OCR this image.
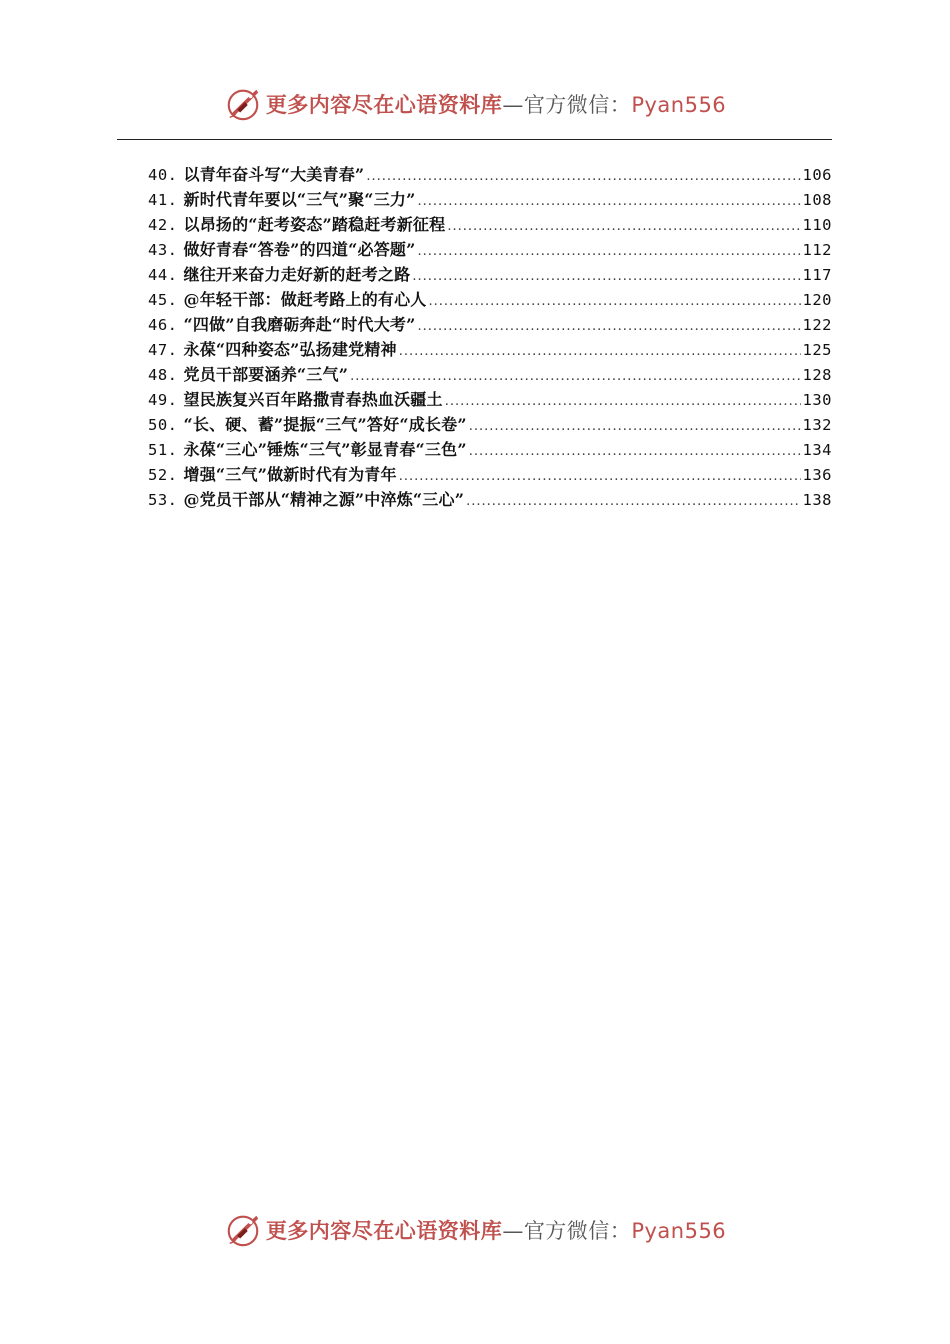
更多内容尽在心语资料库—官方微信：Pyan556
40. 以青年奋斗写“大美青春” .....	106
41. 新时代青年要以“三气”聚“三力” .....	108
42. 以昂扬的“赶考姿态”踏稳赶考新征程 .....	110
43. 做好青春“答卷”的四道“必答题” .....	112
44. 继往开来奋力走好新的赶考之路 .....	117
45. @年轻干部：做赶考路上的有心人 .....	120
46. “四做”自我磨砺奔赴“时代大考” .....	122
47. 永葆“四种姿态”弘扬建党精神 .....	125
48. 党员干部要涵养“三气” .....	128
49. 望民族复兴百年路撒青春热血沃疆土 .....	130
50. “长、硬、蓄”提振“三气”答好“成长卷” .....	132
51. 永葆“三心”锤炼“三气”彰显青春“三色” .....	134
52. 增强“三气”做新时代有为青年 .....	136
53. @党员干部从“精神之源”中淬炼“三心” .....	138
更多内容尽在心语资料库—官方微信：Pyan556
